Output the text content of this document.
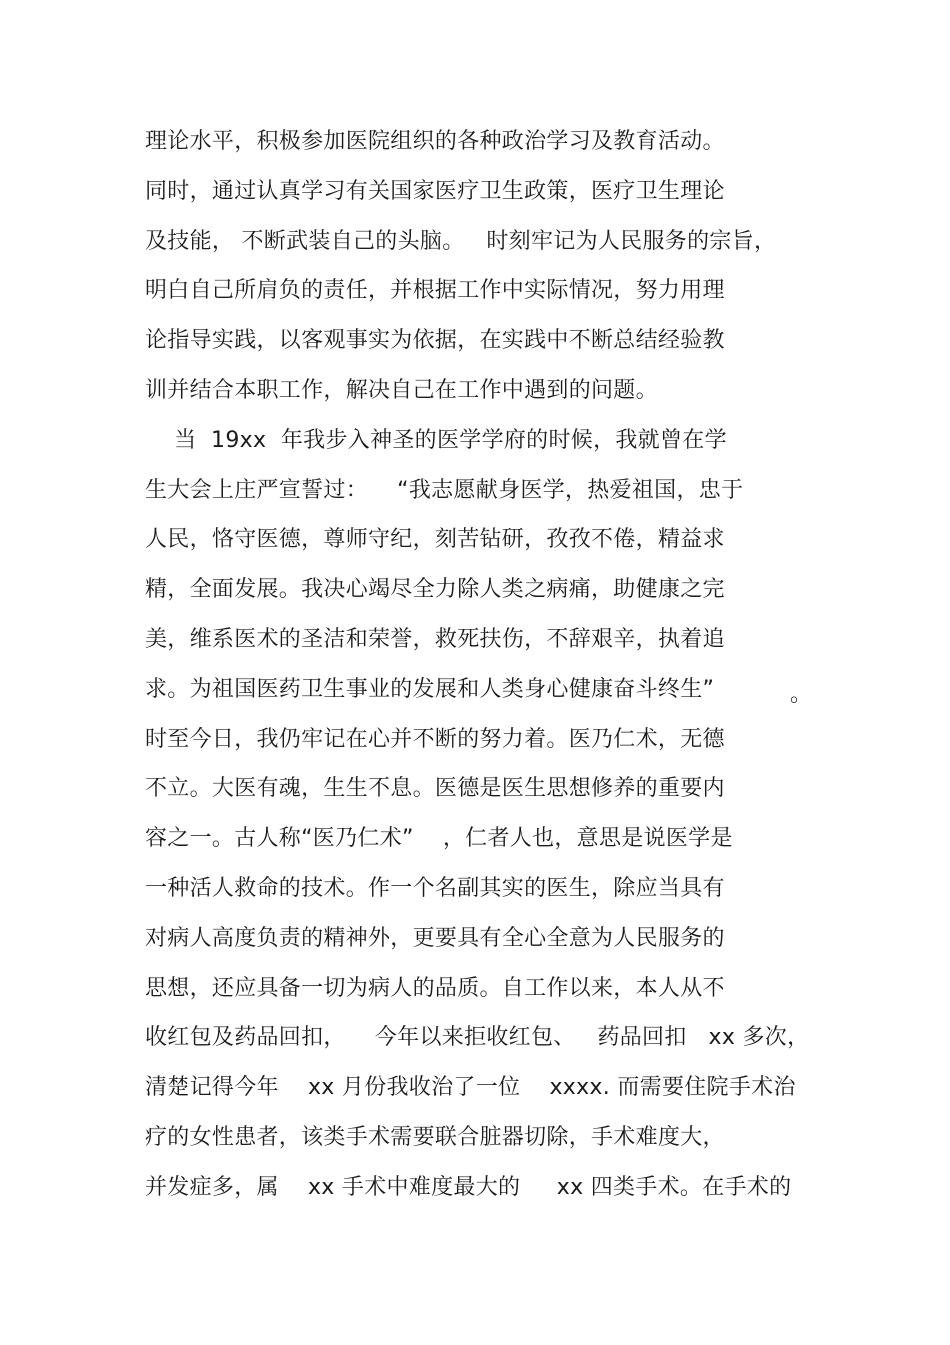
理论水平，积极参加医院组织的各种政治学习及教育活动。
同时，通过认真学习有关国家医疗卫生政策，医疗卫生理论
及技能， 不断武装自己的头脑。   时刻牢记为人民服务的宗旨，
明白自己所肩负的责任，并根据工作中实际情况，努力用理
论指导实践，以客观事实为依据，在实践中不断总结经验教
训并结合本职工作，解决自己在工作中遇到的问题。
当  19xx  年我步入神圣的医学学府的时候，我就曾在学
生大会上庄严宣誓过：    “我志愿献身医学，热爱祖国，忠于
人民，恪守医德，尊师守纪，刻苦钻研，孜孜不倦，精益求
精，全面发展。我决心竭尽全力除人类之病痛，助健康之完
美，维系医术的圣洁和荣誉，救死扶伤，不辞艰辛，执着追
求。为祖国医药卫生事业的发展和人类身心健康奋斗终生”	。
时至今日，我仍牢记在心并不断的努力着。医乃仁术，无德
不立。大医有魂，生生不息。医德是医生思想修养的重要内
容之一。古人称“医乃仁术”    ，仁者人也，意思是说医学是
一种活人救命的技术。作一个名副其实的医生，除应当具有
对病人高度负责的精神外，更要具有全心全意为人民服务的
思想，还应具备一切为病人的品质。自工作以来，本人从不
收红包及药品回扣，    今年以来拒收红包、   药品回扣   xx 多次，
清楚记得今年    xx 月份我收治了一位    xxxx. 而需要住院手术治
疗的女性患者，该类手术需要联合脏器切除，手术难度大，
并发症多，属    xx 手术中难度最大的     xx 四类手术。在手术的
